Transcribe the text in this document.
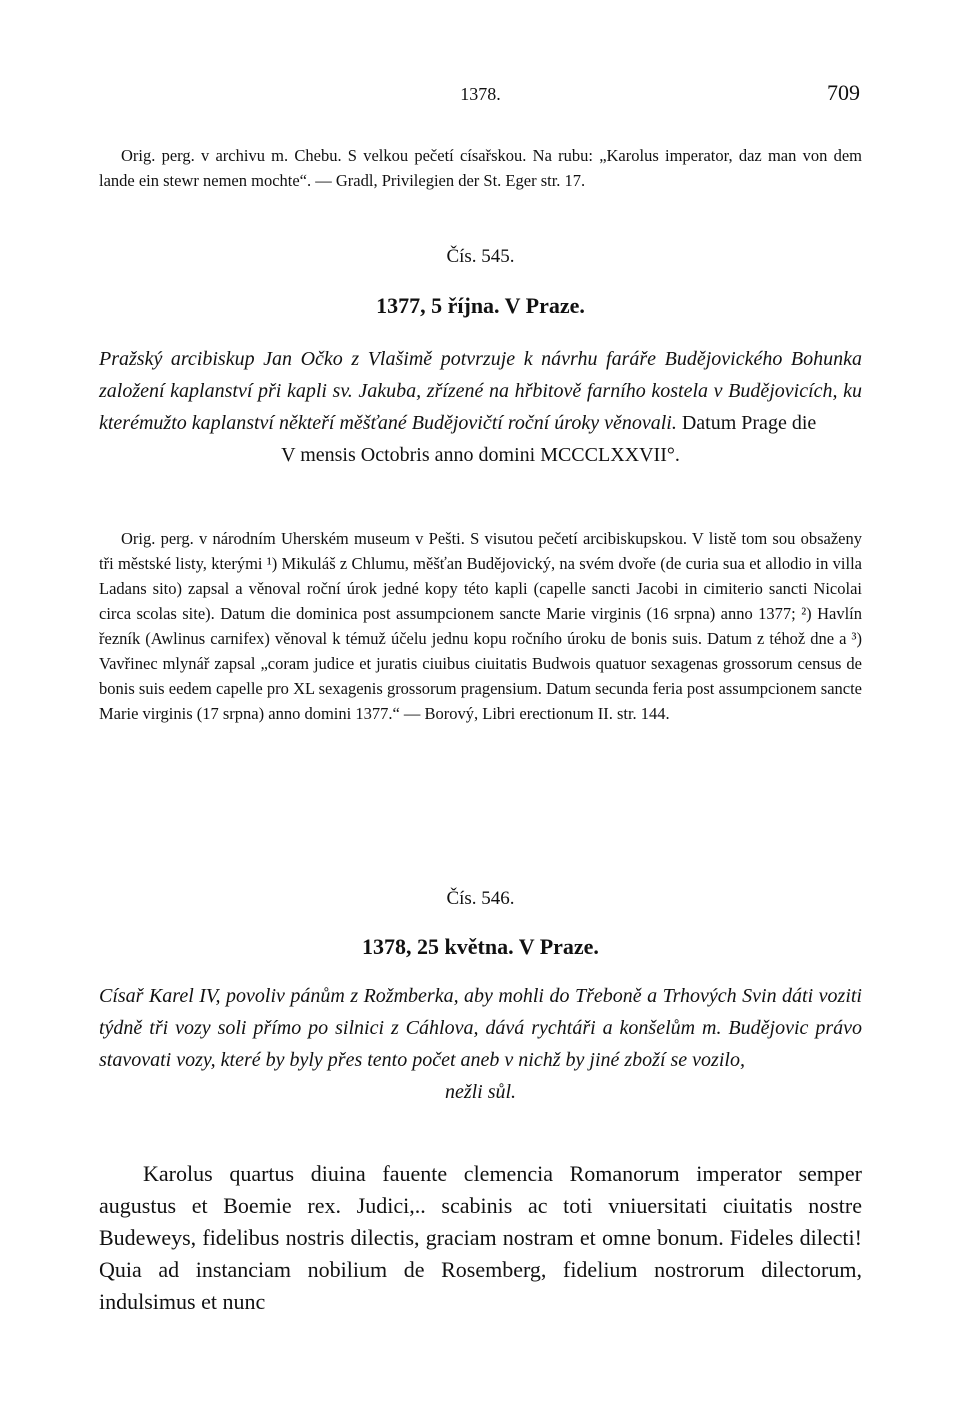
1378.	709

Orig. perg. v archivu m. Chebu. S velkou pečetí císařskou. Na rubu: „Karolus imperator, daz man von dem lande ein stewr nemen mochte“. — Gradl, Privilegien der St. Eger str. 17.

Čís. 545.

1377, 5 října. V Praze.

Pražský arcibiskup Jan Očko z Vlašimě potvrzuje k návrhu faráře Budějovického Bohunka založení kaplanství při kapli sv. Jakuba, zřízené na hřbitově farního kostela v Budějovicích, ku kterémužto kaplanství někteří měšťané Budějovičtí roční úroky věnovali. Datum Prage die

V mensis Octobris anno domini MCCCLXXVII°.

Orig. perg. v národním Uherském museum v Pešti. S visutou pečetí arcibiskupskou. V listě tom sou obsaženy tři městské listy, kterými ¹) Mikuláš z Chlumu, měšťan Budějovický, na svém dvoře (de curia sua et allodio in villa Ladans sito) zapsal a věnoval roční úrok jedné kopy této kapli (capelle sancti Jacobi in cimiterio sancti Nicolai circa scolas site). Datum die dominica post assumpcionem sancte Marie virginis (16 srpna) anno 1377; ²) Havlín řezník (Awlinus carnifex) věnoval k témuž účelu jednu kopu ročního úroku de bonis suis. Datum z téhož dne a ³) Vavřinec mlynář zapsal „coram judice et juratis ciuibus ciuitatis Budwois quatuor sexagenas grossorum census de bonis suis eedem capelle pro XL sexagenis grossorum pragensium. Datum secunda feria post assumpcionem sancte Marie virginis (17 srpna) anno domini 1377.“ — Borový, Libri erectionum II. str. 144.

Čís. 546.

1378, 25 května. V Praze.

Císař Karel IV, povoliv pánům z Rožmberka, aby mohli do Třeboně a Trhových Svin dáti voziti týdně tři vozy soli přímo po silnici z Cáhlova, dává rychtáři a konšelům m. Budějovic právo stavovati vozy, které by byly přes tento počet aneb v nichž by jiné zboží se vozilo,

nežli sůl.

Karolus quartus diuina fauente clemencia Romanorum imperator semper augustus et Boemie rex. Judici,.. scabinis ac toti vniuersitati ciuitatis nostre Budeweys, fidelibus nostris dilectis, graciam nostram et omne bonum. Fideles dilecti! Quia ad instanciam nobilium de Rosemberg, fidelium nostrorum dilectorum, indulsimus et nunc
